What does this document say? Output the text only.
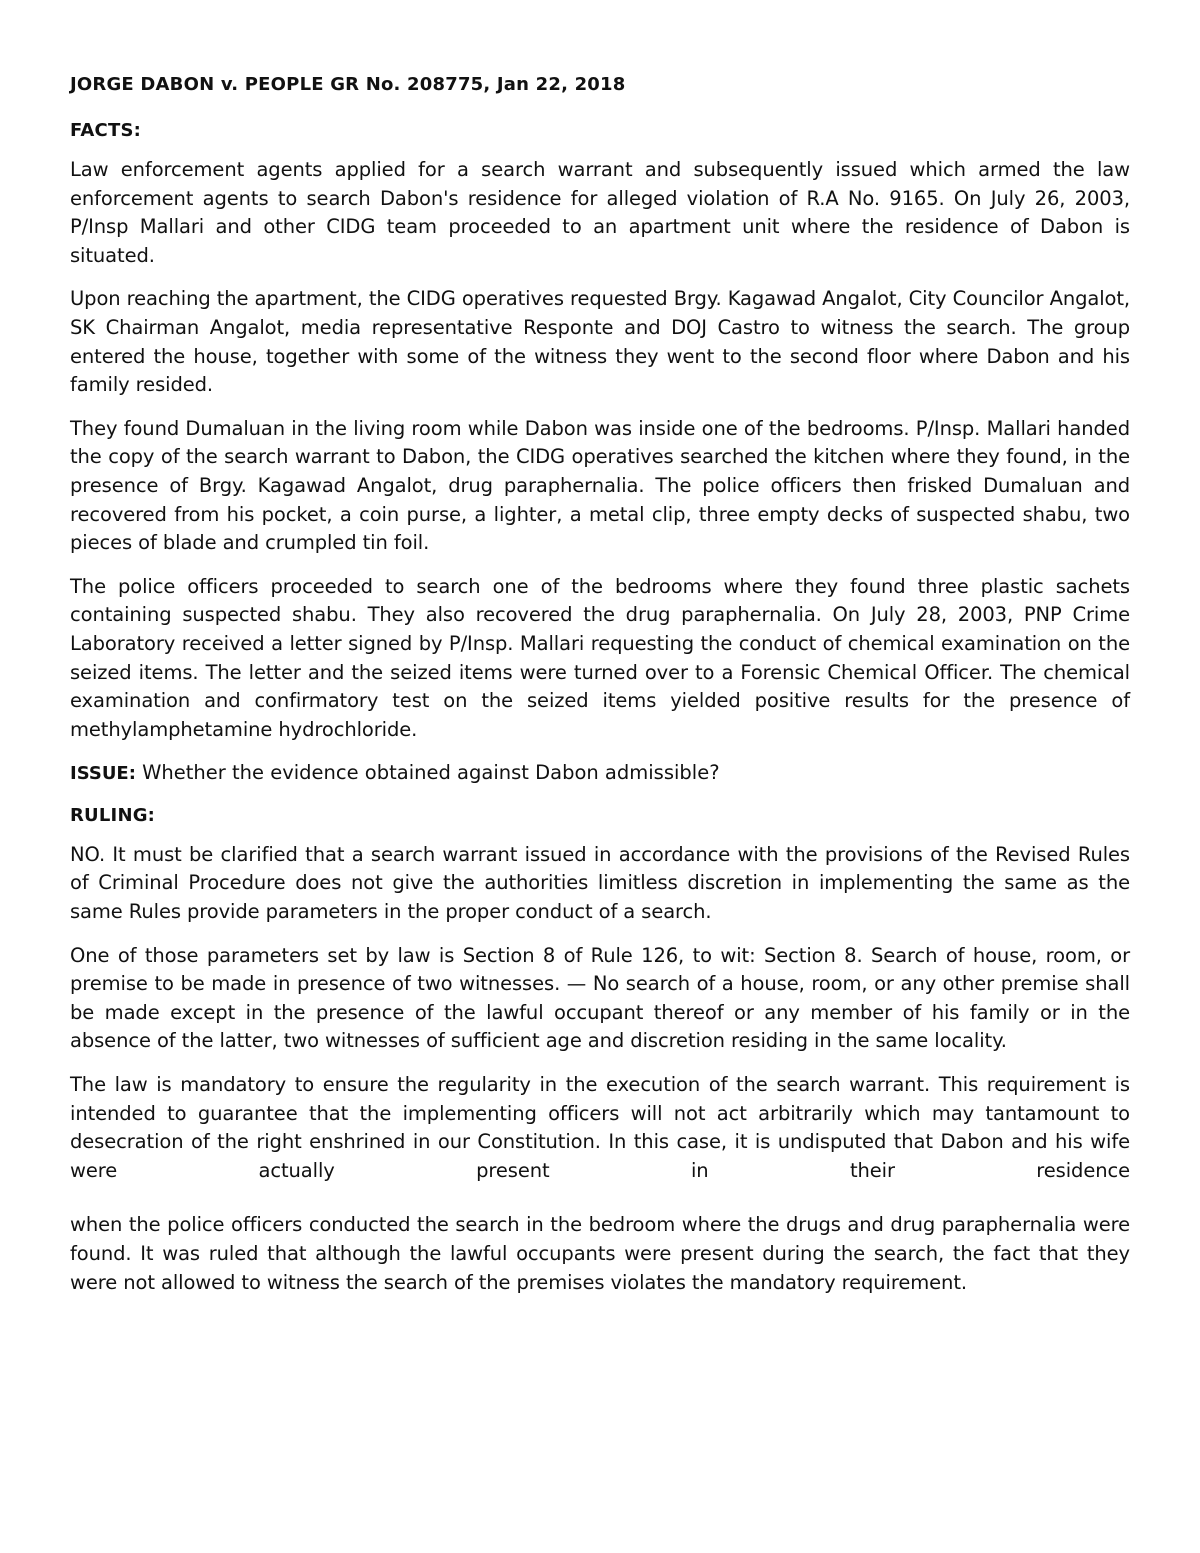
JORGE DABON v. PEOPLE GR No. 208775, Jan 22, 2018
FACTS:

Law enforcement agents applied for a search warrant and subsequently issued which armed the law enforcement agents to search Dabon's residence for alleged violation of R.A No. 9165. On July 26, 2003, P/Insp Mallari and other CIDG team proceeded to an apartment unit where the residence of Dabon is situated.

Upon reaching the apartment, the CIDG operatives requested Brgy. Kagawad Angalot, City Councilor Angalot, SK Chairman Angalot, media representative Responte and DOJ Castro to witness the search. The group entered the house, together with some of the witness they went to the second floor where Dabon and his family resided.

They found Dumaluan in the living room while Dabon was inside one of the bedrooms. P/Insp. Mallari handed the copy of the search warrant to Dabon, the CIDG operatives searched the kitchen where they found, in the presence of Brgy. Kagawad Angalot, drug paraphernalia. The police officers then frisked Dumaluan and recovered from his pocket, a coin purse, a lighter, a metal clip, three empty decks of suspected shabu, two pieces of blade and crumpled tin foil.

The police officers proceeded to search one of the bedrooms where they found three plastic sachets containing suspected shabu. They also recovered the drug paraphernalia. On July 28, 2003, PNP Crime Laboratory received a letter signed by P/Insp. Mallari requesting the conduct of chemical examination on the seized items. The letter and the seized items were turned over to a Forensic Chemical Officer. The chemical examination and confirmatory test on the seized items yielded positive results for the presence of methylamphetamine hydrochloride.

ISSUE: Whether the evidence obtained against Dabon admissible?

RULING:

NO. It must be clarified that a search warrant issued in accordance with the provisions of the Revised Rules of Criminal Procedure does not give the authorities limitless discretion in implementing the same as the same Rules provide parameters in the proper conduct of a search.

One of those parameters set by law is Section 8 of Rule 126, to wit: Section 8. Search of house, room, or premise to be made in presence of two witnesses. — No search of a house, room, or any other premise shall be made except in the presence of the lawful occupant thereof or any member of his family or in the absence of the latter, two witnesses of sufficient age and discretion residing in the same locality.

The law is mandatory to ensure the regularity in the execution of the search warrant. This requirement is intended to guarantee that the implementing officers will not act arbitrarily which may tantamount to desecration of the right enshrined in our Constitution. In this case, it is undisputed that Dabon and his wife were actually present in their residence

when the police officers conducted the search in the bedroom where the drugs and drug paraphernalia were found. It was ruled that although the lawful occupants were present during the search, the fact that they were not allowed to witness the search of the premises violates the mandatory requirement.
